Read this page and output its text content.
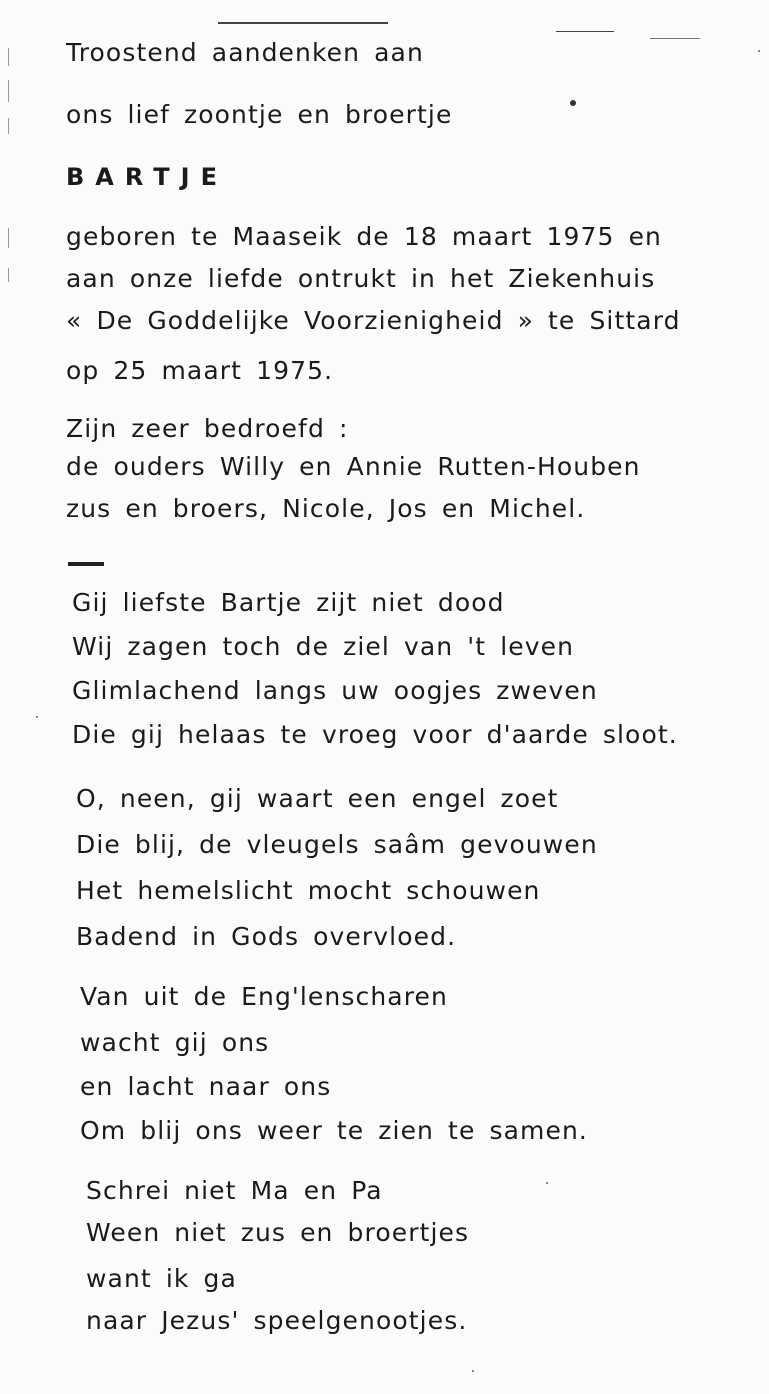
Troostend aandenken aan
ons lief zoontje en broertje
BARTJE
geboren te Maaseik de 18 maart 1975 en
aan onze liefde ontrukt in het Ziekenhuis
« De Goddelijke Voorzienigheid » te Sittard
op 25 maart 1975.
Zijn zeer bedroefd :
de ouders Willy en Annie Rutten-Houben
zus en broers, Nicole, Jos en Michel.
Gij liefste Bartje zijt niet dood
Wij zagen toch de ziel van 't leven
Glimlachend langs uw oogjes zweven
Die gij helaas te vroeg voor d'aarde sloot.
O, neen, gij waart een engel zoet
Die blij, de vleugels saâm gevouwen
Het hemelslicht mocht schouwen
Badend in Gods overvloed.
Van uit de Eng'lenscharen
wacht gij ons
en lacht naar ons
Om blij ons weer te zien te samen.
Schrei niet Ma en Pa
Ween niet zus en broertjes
want ik ga
naar Jezus' speelgenootjes.
